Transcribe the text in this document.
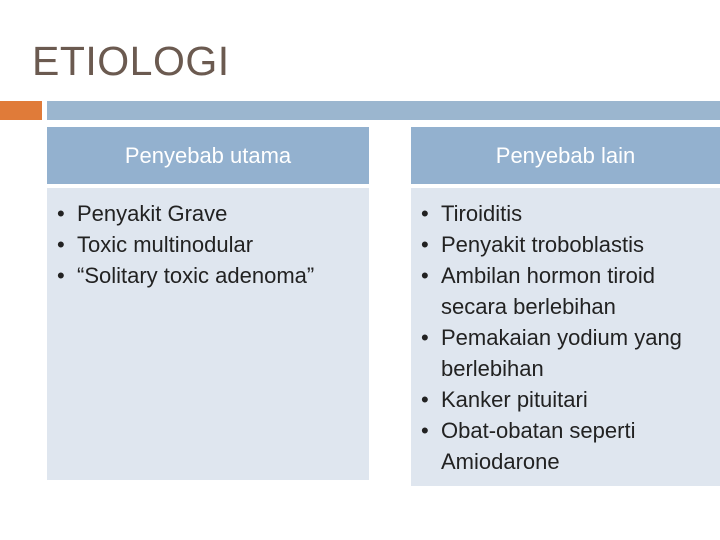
ETIOLOGI
Penyebab utama
• Penyakit Grave
• Toxic multinodular
• “Solitary toxic adenoma”
Penyebab lain
• Tiroiditis
• Penyakit troboblastis
• Ambilan hormon tiroid secara berlebihan
• Pemakaian yodium yang berlebihan
• Kanker pituitari
• Obat-obatan seperti Amiodarone
